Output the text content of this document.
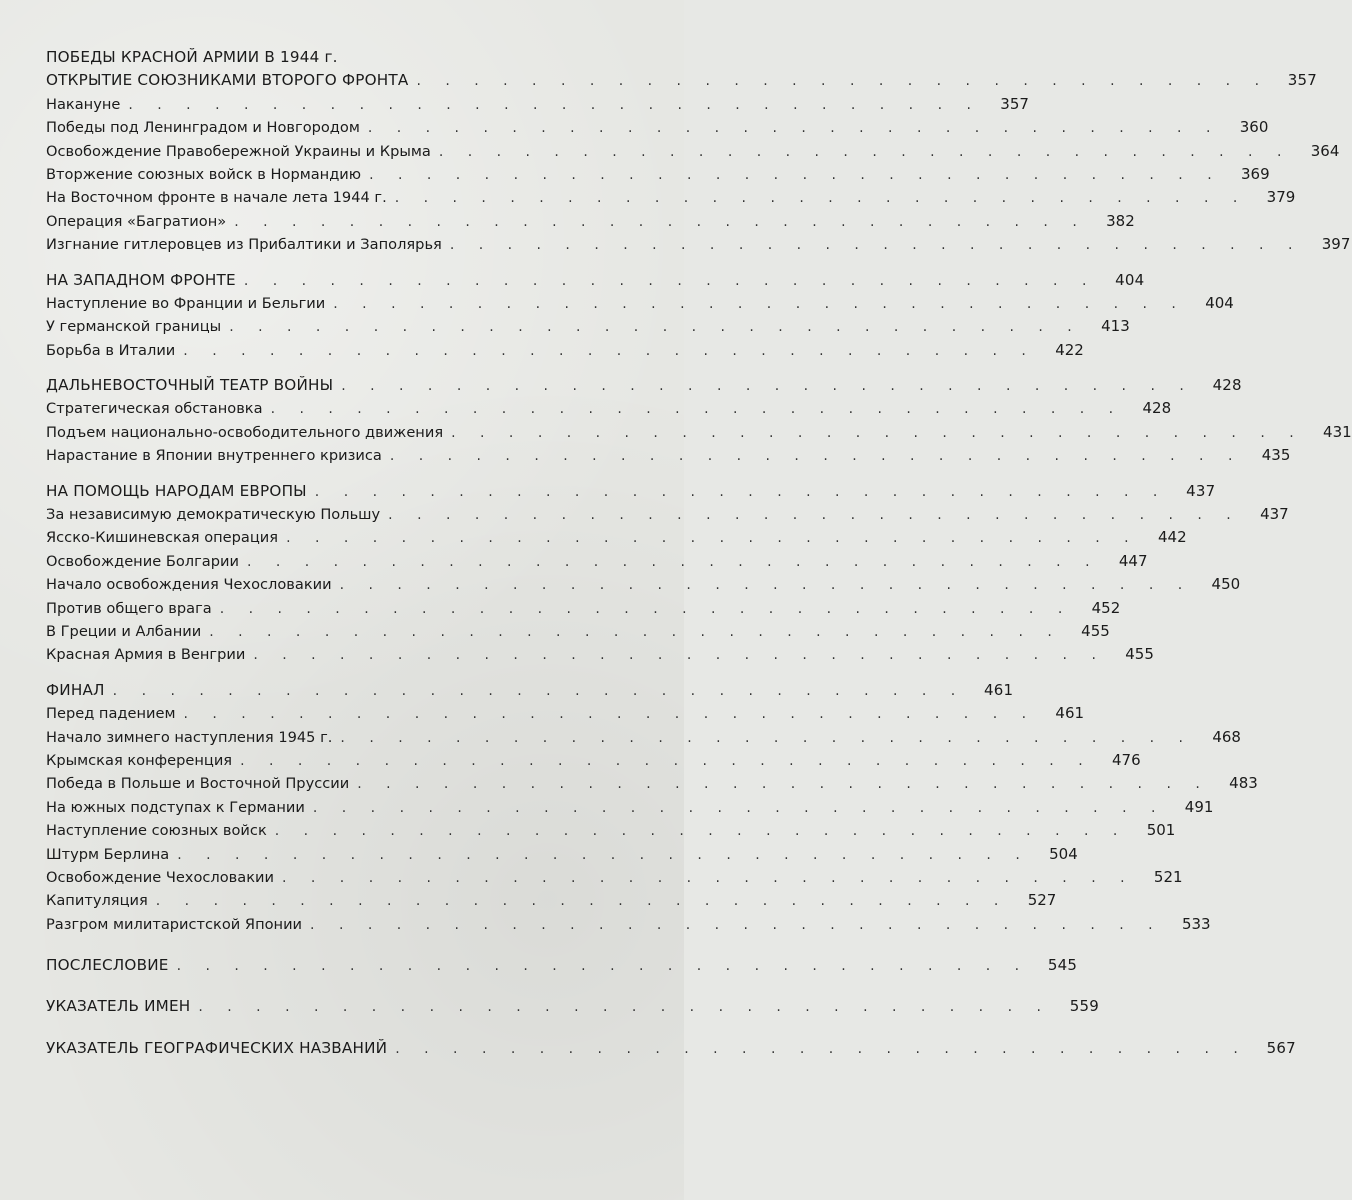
ПОБЕДЫ КРАСНОЙ АРМИИ В 1944 г.
ОТКРЫТИЕ СОЮЗНИКАМИ ВТОРОГО ФРОНТА . . . . . . . . . . . . . . . . . . . . . . . . . . . . . .	357
Накануне . . . . . . . . . . . . . . . . . . . . . . . . . . . . . .	357
Победы под Ленинградом и Новгородом . . . . . . . . . . . . . . . . . . . . . . . . . . . . . .	360
Освобождение Правобережной Украины и Крыма . . . . . . . . . . . . . . . . . . . . . . . . . . . . . .	364
Вторжение союзных войск в Нормандию . . . . . . . . . . . . . . . . . . . . . . . . . . . . . .	369
На Восточном фронте в начале лета 1944 г. . . . . . . . . . . . . . . . . . . . . . . . . . . . . . .	379
Операция «Багратион» . . . . . . . . . . . . . . . . . . . . . . . . . . . . . .	382
Изгнание гитлеровцев из Прибалтики и Заполярья . . . . . . . . . . . . . . . . . . . . . . . . . . . . . .	397
НА ЗАПАДНОМ ФРОНТЕ . . . . . . . . . . . . . . . . . . . . . . . . . . . . . .	404
Наступление во Франции и Бельгии . . . . . . . . . . . . . . . . . . . . . . . . . . . . . .	404
У германской границы . . . . . . . . . . . . . . . . . . . . . . . . . . . . . .	413
Борьба в Италии . . . . . . . . . . . . . . . . . . . . . . . . . . . . . .	422
ДАЛЬНЕВОСТОЧНЫЙ ТЕАТР ВОЙНЫ . . . . . . . . . . . . . . . . . . . . . . . . . . . . . .	428
Стратегическая обстановка . . . . . . . . . . . . . . . . . . . . . . . . . . . . . .	428
Подъем национально-освободительного движения . . . . . . . . . . . . . . . . . . . . . . . . . . . . . .	431
Нарастание в Японии внутреннего кризиса . . . . . . . . . . . . . . . . . . . . . . . . . . . . . .	435
НА ПОМОЩЬ НАРОДАМ ЕВРОПЫ . . . . . . . . . . . . . . . . . . . . . . . . . . . . . .	437
За независимую демократическую Польшу . . . . . . . . . . . . . . . . . . . . . . . . . . . . . .	437
Ясско-Кишиневская операция . . . . . . . . . . . . . . . . . . . . . . . . . . . . . .	442
Освобождение Болгарии . . . . . . . . . . . . . . . . . . . . . . . . . . . . . .	447
Начало освобождения Чехословакии . . . . . . . . . . . . . . . . . . . . . . . . . . . . . .	450
Против общего врага . . . . . . . . . . . . . . . . . . . . . . . . . . . . . .	452
В Греции и Албании . . . . . . . . . . . . . . . . . . . . . . . . . . . . . .	455
Красная Армия в Венгрии . . . . . . . . . . . . . . . . . . . . . . . . . . . . . .	455
ФИНАЛ . . . . . . . . . . . . . . . . . . . . . . . . . . . . . .	461
Перед падением . . . . . . . . . . . . . . . . . . . . . . . . . . . . . .	461
Начало зимнего наступления 1945 г. . . . . . . . . . . . . . . . . . . . . . . . . . . . . . .	468
Крымская конференция . . . . . . . . . . . . . . . . . . . . . . . . . . . . . .	476
Победа в Польше и Восточной Пруссии . . . . . . . . . . . . . . . . . . . . . . . . . . . . . .	483
На южных подступах к Германии . . . . . . . . . . . . . . . . . . . . . . . . . . . . . .	491
Наступление союзных войск . . . . . . . . . . . . . . . . . . . . . . . . . . . . . .	501
Штурм Берлина . . . . . . . . . . . . . . . . . . . . . . . . . . . . . .	504
Освобождение Чехословакии . . . . . . . . . . . . . . . . . . . . . . . . . . . . . .	521
Капитуляция . . . . . . . . . . . . . . . . . . . . . . . . . . . . . .	527
Разгром милитаристской Японии . . . . . . . . . . . . . . . . . . . . . . . . . . . . . .	533
ПОСЛЕСЛОВИЕ . . . . . . . . . . . . . . . . . . . . . . . . . . . . . .	545
УКАЗАТЕЛЬ ИМЕН . . . . . . . . . . . . . . . . . . . . . . . . . . . . . .	559
УКАЗАТЕЛЬ ГЕОГРАФИЧЕСКИХ НАЗВАНИЙ . . . . . . . . . . . . . . . . . . . . . . . . . . . . . .	567
